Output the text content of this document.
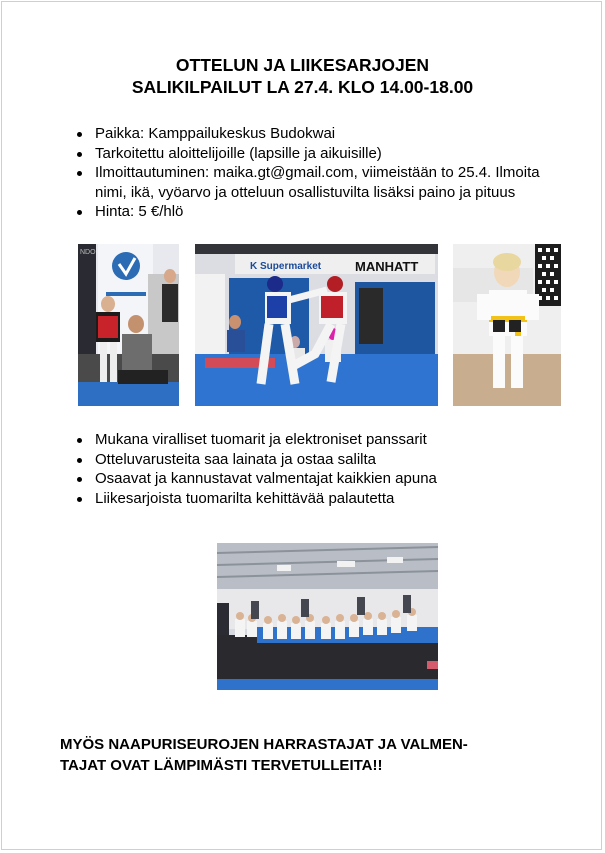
OTTELUN JA LIIKESARJOJEN
SALIKILPAILUT LA 27.4. KLO 14.00-18.00
Paikka: Kamppailukeskus Budokwai
Tarkoitettu aloittelijoille (lapsille ja aikuisille)
Ilmoittautuminen: maika.gt@gmail.com, viimeistään to 25.4. Ilmoita nimi, ikä, vyöarvo ja otteluun osallistuvilta lisäksi paino ja pituus
Hinta: 5 €/hlö
NDO
K Supermarket	MANHATT
Mukana viralliset tuomarit ja elektroniset panssarit
Otteluvarusteita saa lainata ja ostaa salilta
Osaavat ja kannustavat valmentajat kaikkien apuna
Liikesarjoista tuomarilta kehittävää palautetta
MYÖS NAAPURISEUROJEN HARRASTAJAT JA VALMEN-
TAJAT OVAT LÄMPIMÄSTI TERVETULLEITA!!
